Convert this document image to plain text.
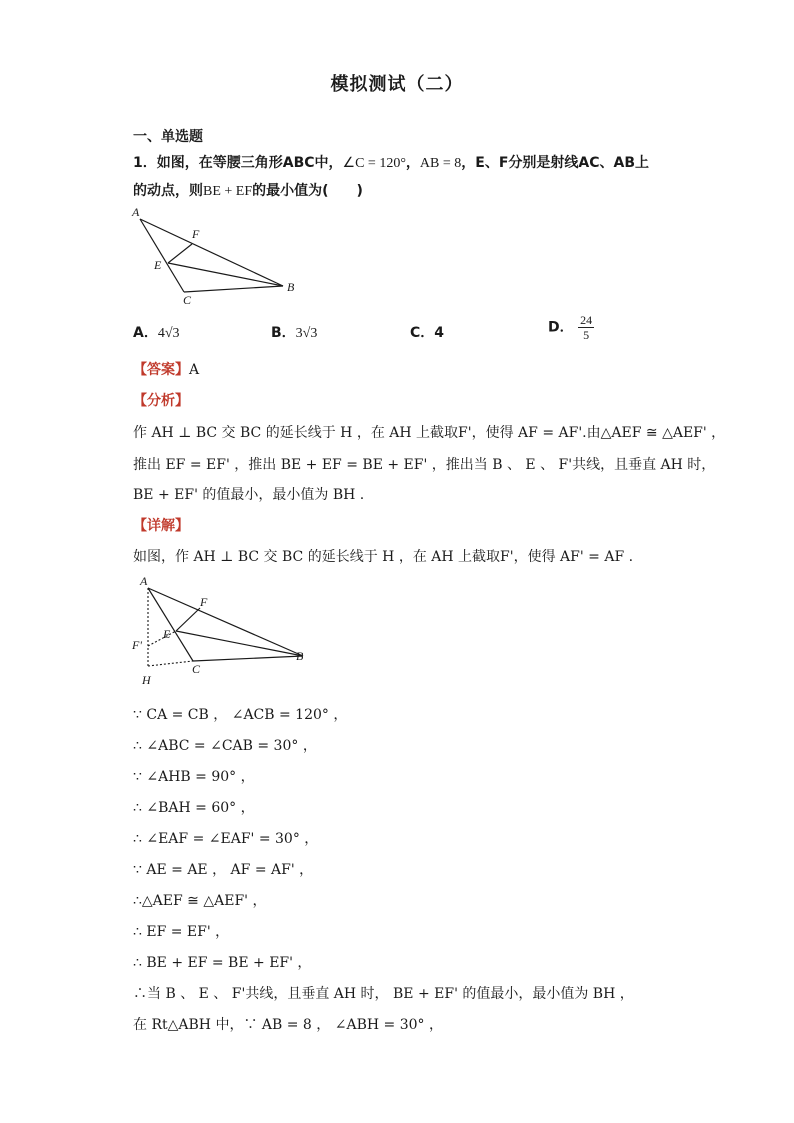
模拟测试（二）
一、单选题
1．如图，在等腰三角形ABC中，∠C = 120°，AB = 8，E、F分别是射线AC、AB上
的动点，则BE + EF的最小值为(　　)
A
F
E
C
B
A．4√3	B．3√3	C．4	D． $\frac{24}{5}$
【答案】A
【分析】
作 AH ⊥ BC 交 BC 的延长线于 H ，在 AH 上截取F'，使得 AF = AF'.由△AEF ≅ △AEF' ，
推出 EF = EF' ，推出 BE + EF = BE + EF' ，推出当 B 、 E 、 F'共线，且垂直 AH 时，
BE + EF' 的值最小，最小值为 BH .
【详解】
如图，作 AH ⊥ BC 交 BC 的延长线于 H ，在 AH 上截取F'，使得 AF' = AF .
A
F
E
F'
C
B
H
∵ CA = CB ， ∠ACB = 120° ，
∴ ∠ABC = ∠CAB = 30° ，
∵ ∠AHB = 90° ，
∴ ∠BAH = 60° ，
∴ ∠EAF = ∠EAF' = 30° ，
∵ AE = AE ， AF = AF' ，
∴△AEF ≅ △AEF' ，
∴ EF = EF' ，
∴ BE + EF = BE + EF' ，
∴当 B 、 E 、 F'共线，且垂直 AH 时， BE + EF' 的值最小，最小值为 BH ，
在 Rt△ABH 中，∵ AB = 8 ， ∠ABH = 30° ，
